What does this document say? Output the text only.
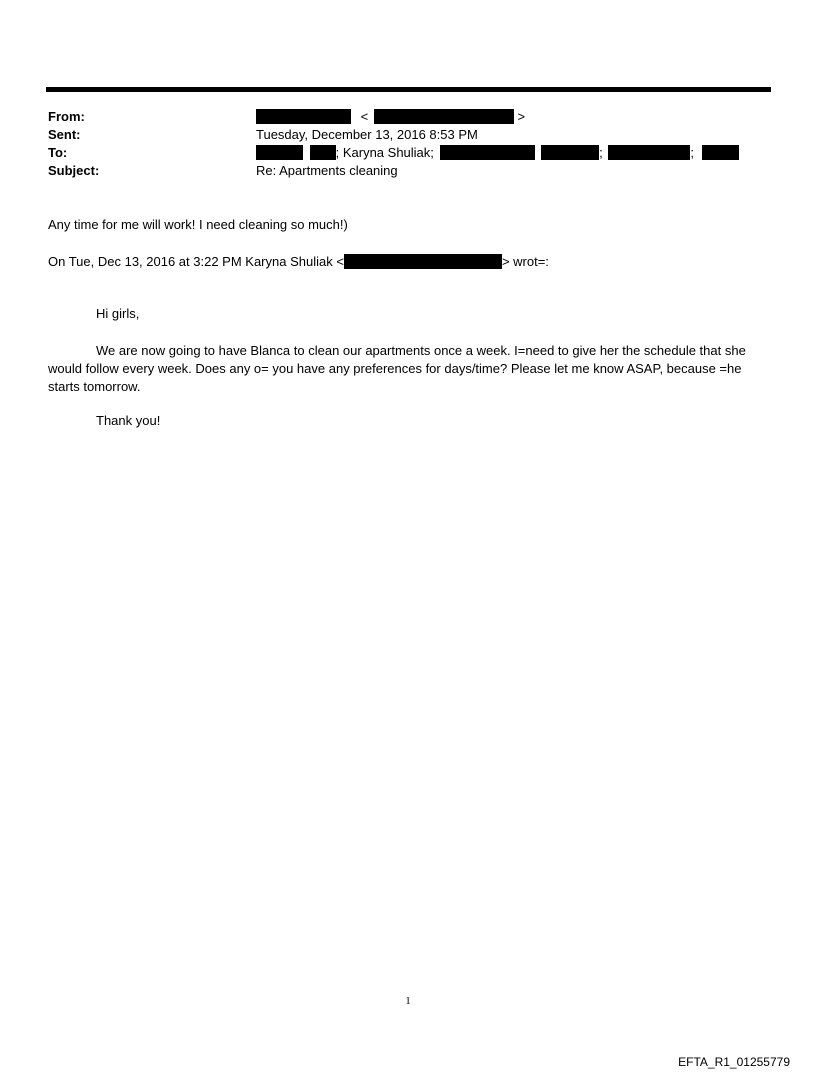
From:	<	>
Sent:	Tuesday, December 13, 2016 8:53 PM
To:	; Karyna Shuliak;	;	;
Subject:	Re: Apartments cleaning
Any time for me will work! I need cleaning so much!)
On Tue, Dec 13, 2016 at 3:22 PM Karyna Shuliak <	> wrot=:
Hi girls,
We are now going to have Blanca to clean our apartments once a week. I=need to give her the schedule that she would follow every week. Does any o= you have any preferences for days/time? Please let me know ASAP, because =he starts tomorrow.
Thank you!
1
EFTA_R1_01255779
